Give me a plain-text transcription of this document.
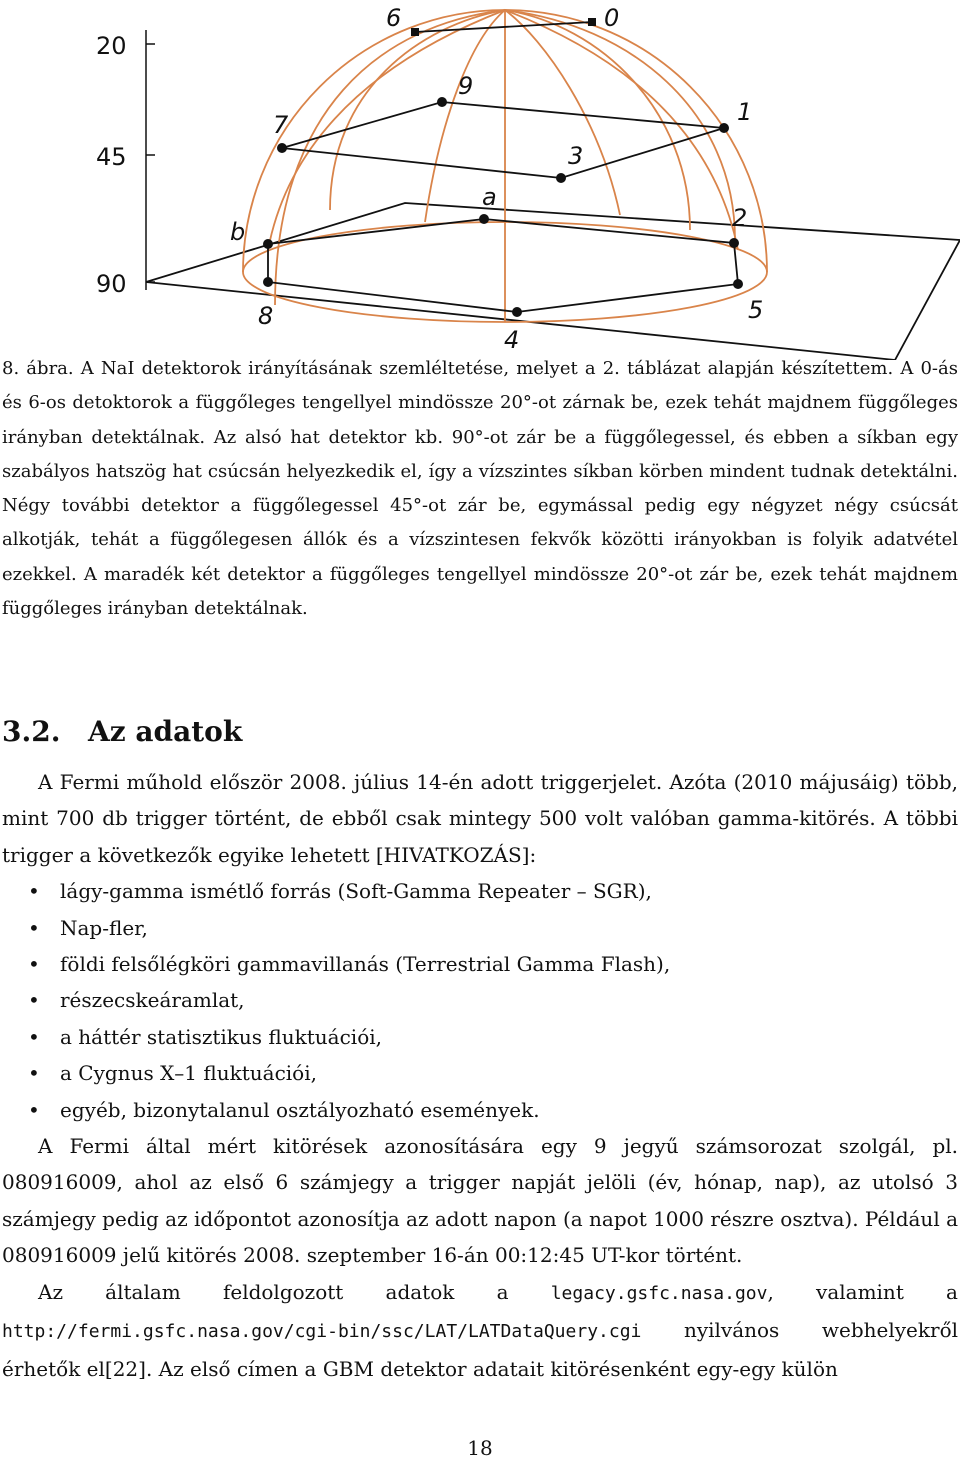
20
45
90
6	0
9
7	1
3
a
b	2
8
4
5
8. ábra. A NaI detektorok irányításának szemléltetése, melyet a 2. táblázat alapján készítettem. A 0-ás és 6-os detoktorok a függőleges tengellyel mindössze 20°-ot zárnak be, ezek tehát majdnem függőleges irányban detektálnak. Az alsó hat detektor kb. 90°-ot zár be a függőlegessel, és ebben a síkban egy szabályos hatszög hat csúcsán helyezkedik el, így a vízszintes síkban körben mindent tudnak detektálni. Négy további detektor a függőlegessel 45°-ot zár be, egymással pedig egy négyzet négy csúcsát alkotják, tehát a függőlegesen állók és a vízszintesen fekvők közötti irányokban is folyik adatvétel ezekkel. A maradék két detektor a függőleges tengellyel mindössze 20°-ot zár be, ezek tehát majdnem függőleges irányban detektálnak.
3.2. Az adatok

A Fermi műhold először 2008. július 14-én adott triggerjelet. Azóta (2010 májusáig) több, mint 700 db trigger történt, de ebből csak mintegy 500 volt valóban gamma-kitörés. A többi trigger a következők egyike lehetett [HIVATKOZÁS]:

• lágy-gamma ismétlő forrás (Soft-Gamma Repeater – SGR),
• Nap-fler,
• földi felsőlégköri gammavillanás (Terrestrial Gamma Flash),
• részecskeáramlat,
• a háttér statisztikus fluktuációi,
• a Cygnus X–1 fluktuációi,
• egyéb, bizonytalanul osztályozható események.

A Fermi által mért kitörések azonosítására egy 9 jegyű számsorozat szolgál, pl. 080916009, ahol az első 6 számjegy a trigger napját jelöli (év, hónap, nap), az utolsó 3 számjegy pedig az időpontot azonosítja az adott napon (a napot 1000 részre osztva). Például a 080916009 jelű kitörés 2008. szeptember 16-án 00:12:45 UT-kor történt.

Az általam feldolgozott adatok a legacy.gsfc.nasa.gov, valamint a http://fermi.gsfc.nasa.gov/cgi-bin/ssc/LAT/LATDataQuery.cgi nyilvános webhelyekről érhetők el[22]. Az első címen a GBM detektor adatait kitörésenként egy-egy külön

18
